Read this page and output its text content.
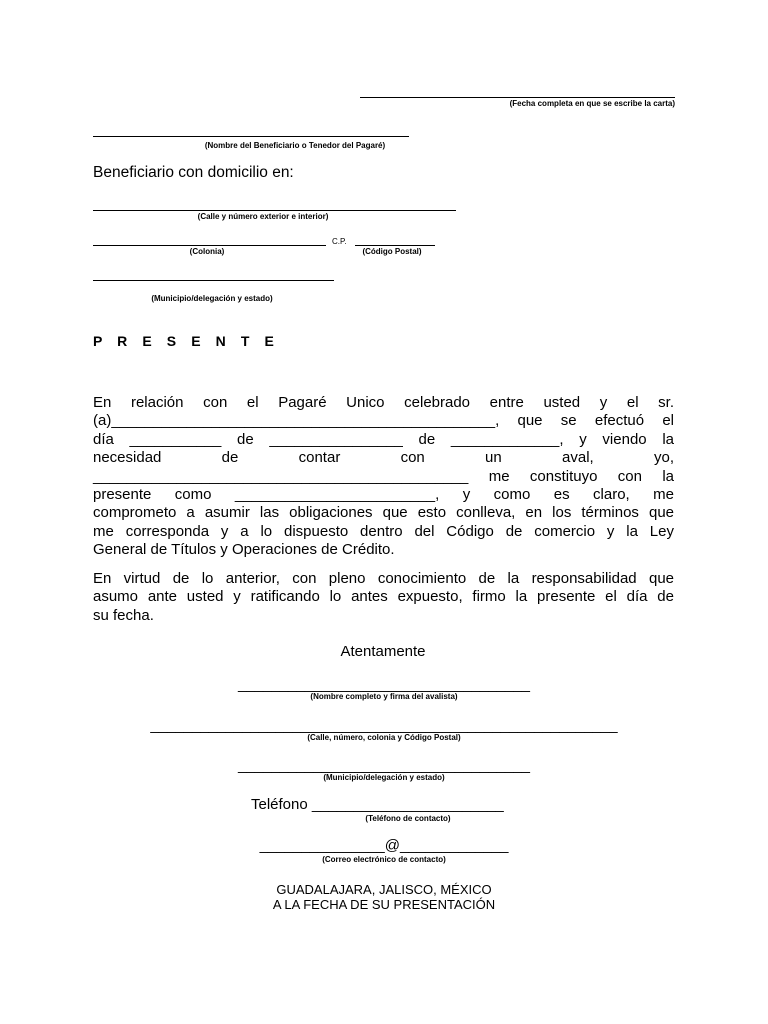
(Fecha completa en que se escribe la carta)
(Nombre del Beneficiario o Tenedor del Pagaré)
Beneficiario con domicilio en:
(Calle y número exterior e interior)
C.P.
(Colonia)	(Código Postal)
(Municipio/delegación y estado)
P R E S E N T E
En relación con el Pagaré Unico celebrado entre usted y el sr.
(a)______________________________________________, que se efectuó el
día ___________ de ________________ de _____________, y viendo la
necesidad de contar con un aval, yo,
_____________________________________________ me constituyo con la
presente como ________________________, y como es claro, me
comprometo a asumir las obligaciones que esto conlleva, en los términos que
me corresponda y a lo dispuesto dentro del Código de comercio y la Ley
General de Títulos y Operaciones de Crédito.
En virtud de lo anterior, con pleno conocimiento de la responsabilidad que
asumo ante usted y ratificando lo antes expuesto, firmo la presente el día de
su fecha.
Atentamente
___________________________________
(Nombre completo y firma del avalista)
________________________________________________________
(Calle, número, colonia y Código Postal)
___________________________________
(Municipio/delegación y estado)
Teléfono _______________________
(Teléfono de contacto)
_______________@_____________
(Correo electrónico de contacto)
GUADALAJARA, JALISCO, MÉXICO
A LA FECHA DE SU PRESENTACIÓN
